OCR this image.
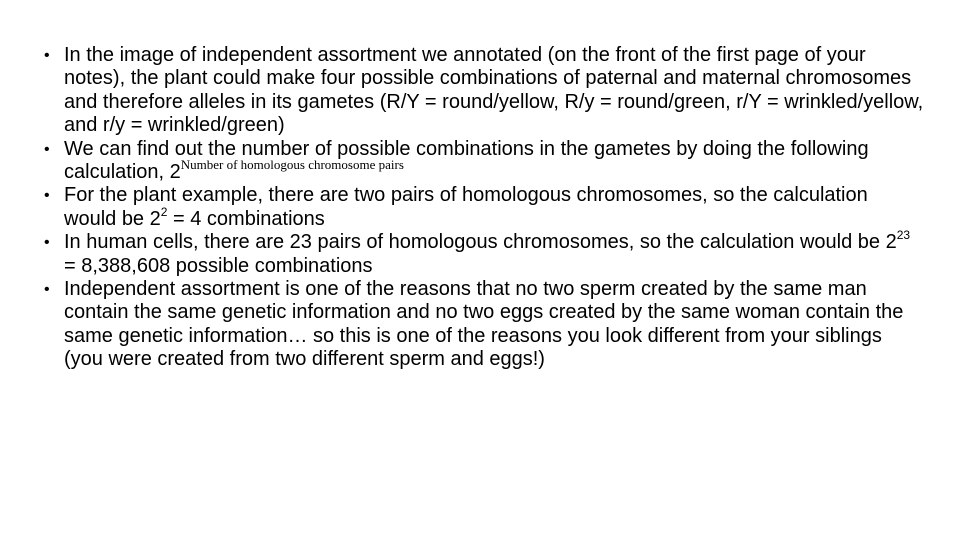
• In the image of independent assortment we annotated (on the front of the first page of your notes), the plant could make four possible combinations of paternal and maternal chromosomes and therefore alleles in its gametes (R/Y = round/yellow, R/y = round/green, r/Y = wrinkled/yellow, and r/y = wrinkled/green)
• We can find out the number of possible combinations in the gametes by doing the following calculation, $2^{Number of homologous chromosome pairs}$
• For the plant example, there are two pairs of homologous chromosomes, so the calculation would be $2^2 = 4$ combinations
• In human cells, there are 23 pairs of homologous chromosomes, so the calculation would be $2^{23} = 8,388,608$ possible combinations
• Independent assortment is one of the reasons that no two sperm created by the same man contain the same genetic information and no two eggs created by the same woman contain the same genetic information… so this is one of the reasons you look different from your siblings (you were created from two different sperm and eggs!)
